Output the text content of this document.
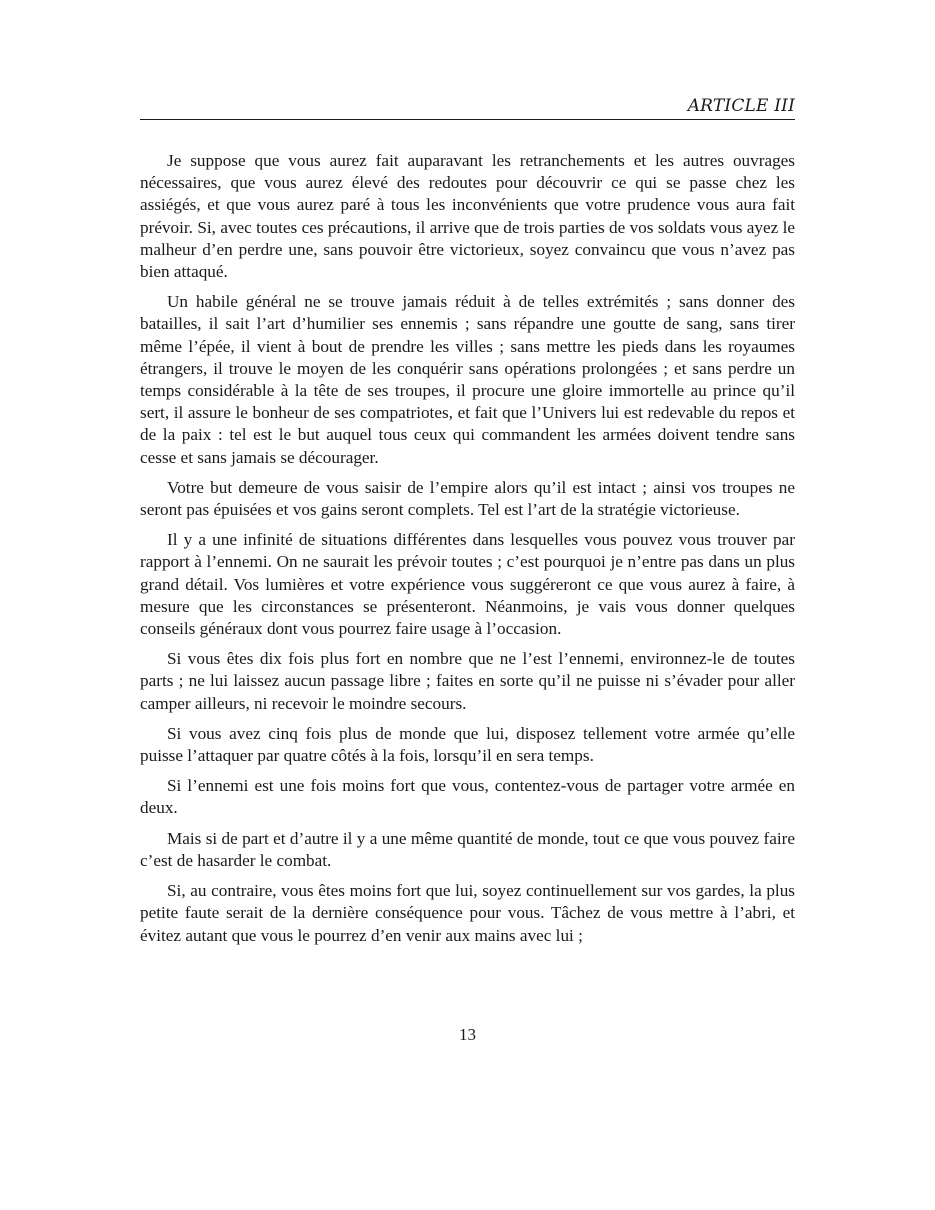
ARTICLE III

Je suppose que vous aurez fait auparavant les retranchements et les autres ouvrages nécessaires, que vous aurez élevé des redoutes pour découvrir ce qui se passe chez les assiégés, et que vous aurez paré à tous les inconvénients que votre prudence vous aura fait prévoir. Si, avec toutes ces précautions, il arrive que de trois parties de vos soldats vous ayez le malheur d’en perdre une, sans pouvoir être victorieux, soyez convaincu que vous n’avez pas bien attaqué.

Un habile général ne se trouve jamais réduit à de telles extrémités ; sans donner des batailles, il sait l’art d’humilier ses ennemis ; sans répandre une goutte de sang, sans tirer même l’épée, il vient à bout de prendre les villes ; sans mettre les pieds dans les royaumes étrangers, il trouve le moyen de les conquérir sans opérations prolongées ; et sans perdre un temps considérable à la tête de ses troupes, il procure une gloire immortelle au prince qu’il sert, il assure le bonheur de ses compatriotes, et fait que l’Univers lui est redevable du repos et de la paix : tel est le but auquel tous ceux qui commandent les armées doivent tendre sans cesse et sans jamais se décourager.

Votre but demeure de vous saisir de l’empire alors qu’il est intact ; ainsi vos troupes ne seront pas épuisées et vos gains seront complets. Tel est l’art de la stratégie victorieuse.

Il y a une infinité de situations différentes dans lesquelles vous pouvez vous trouver par rapport à l’ennemi. On ne saurait les prévoir toutes ; c’est pourquoi je n’entre pas dans un plus grand détail. Vos lumières et votre expérience vous suggéreront ce que vous aurez à faire, à mesure que les circonstances se présenteront. Néanmoins, je vais vous donner quelques conseils généraux dont vous pourrez faire usage à l’occasion.

Si vous êtes dix fois plus fort en nombre que ne l’est l’ennemi, environnez-le de toutes parts ; ne lui laissez aucun passage libre ; faites en sorte qu’il ne puisse ni s’évader pour aller camper ailleurs, ni recevoir le moindre secours.

Si vous avez cinq fois plus de monde que lui, disposez tellement votre armée qu’elle puisse l’attaquer par quatre côtés à la fois, lorsqu’il en sera temps.

Si l’ennemi est une fois moins fort que vous, contentez-vous de partager votre armée en deux.

Mais si de part et d’autre il y a une même quantité de monde, tout ce que vous pouvez faire c’est de hasarder le combat.

Si, au contraire, vous êtes moins fort que lui, soyez continuellement sur vos gardes, la plus petite faute serait de la dernière conséquence pour vous. Tâchez de vous mettre à l’abri, et évitez autant que vous le pourrez d’en venir aux mains avec lui ;

13
